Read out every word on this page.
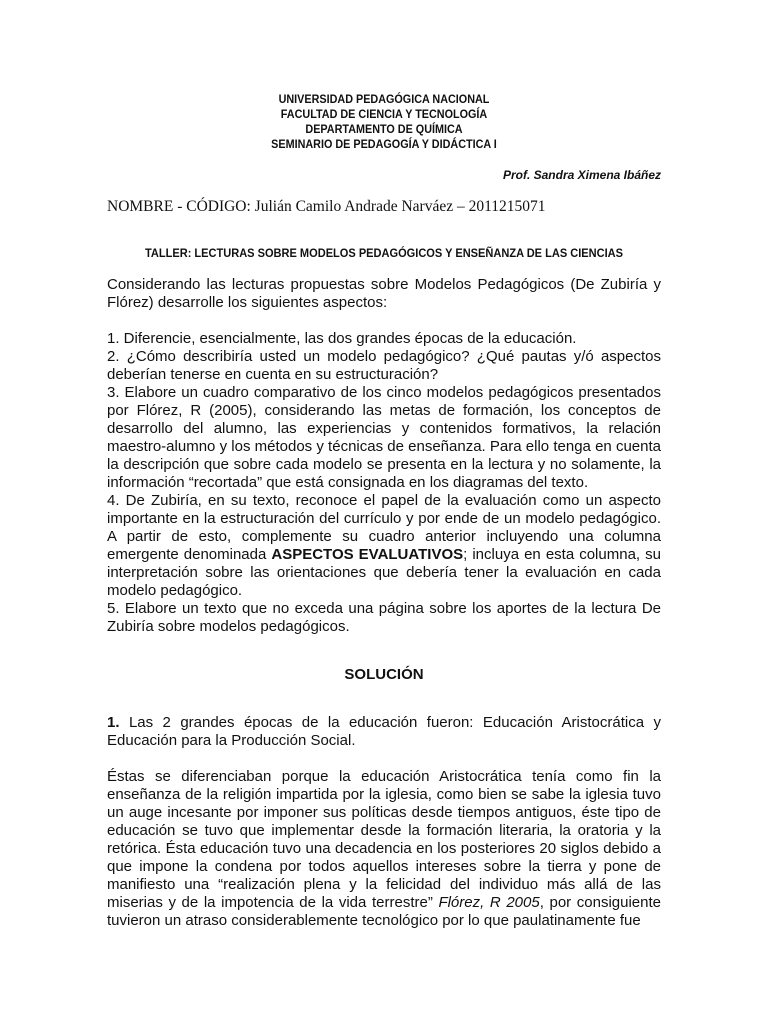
UNIVERSIDAD PEDAGÓGICA NACIONAL
FACULTAD DE CIENCIA Y TECNOLOGÍA
DEPARTAMENTO DE QUÍMICA
SEMINARIO DE PEDAGOGÍA Y DIDÁCTICA I
Prof. Sandra Ximena Ibáñez
NOMBRE - CÓDIGO: Julián Camilo Andrade Narváez – 2011215071
TALLER: LECTURAS SOBRE MODELOS PEDAGÓGICOS Y ENSEÑANZA DE LAS CIENCIAS

Considerando las lecturas propuestas sobre Modelos Pedagógicos (De Zubiría y Flórez) desarrolle los siguientes aspectos:

1. Diferencie, esencialmente, las dos grandes épocas de la educación.

2. ¿Cómo describiría usted un modelo pedagógico? ¿Qué pautas y/ó aspectos deberían tenerse en cuenta en su estructuración?

3. Elabore un cuadro comparativo de los cinco modelos pedagógicos presentados por Flórez, R (2005), considerando las metas de formación, los conceptos de desarrollo del alumno, las experiencias y contenidos formativos, la relación maestro-alumno y los métodos y técnicas de enseñanza. Para ello tenga en cuenta la descripción que sobre cada modelo se presenta en la lectura y no solamente, la información “recortada” que está consignada en los diagramas del texto.

4. De Zubiría, en su texto, reconoce el papel de la evaluación como un aspecto importante en la estructuración del currículo y por ende de un modelo pedagógico. A partir de esto, complemente su cuadro anterior incluyendo una columna emergente denominada ASPECTOS EVALUATIVOS; incluya en esta columna, su interpretación sobre las orientaciones que debería tener la evaluación en cada modelo pedagógico.

5. Elabore un texto que no exceda una página sobre los aportes de la lectura De Zubiría sobre modelos pedagógicos.

SOLUCIÓN

1. Las 2 grandes épocas de la educación fueron: Educación Aristocrática y Educación para la Producción Social.

Éstas se diferenciaban porque la educación Aristocrática tenía como fin la enseñanza de la religión impartida por la iglesia, como bien se sabe la iglesia tuvo un auge incesante por imponer sus políticas desde tiempos antiguos, éste tipo de educación se tuvo que implementar desde la formación literaria, la oratoria y la retórica. Ésta educación tuvo una decadencia en los posteriores 20 siglos debido a que impone la condena por todos aquellos intereses sobre la tierra y pone de manifiesto una “realización plena y la felicidad del individuo más allá de las miserias y de la impotencia de la vida terrestre” Flórez, R 2005, por consiguiente tuvieron un atraso considerablemente tecnológico por lo que paulatinamente fue
